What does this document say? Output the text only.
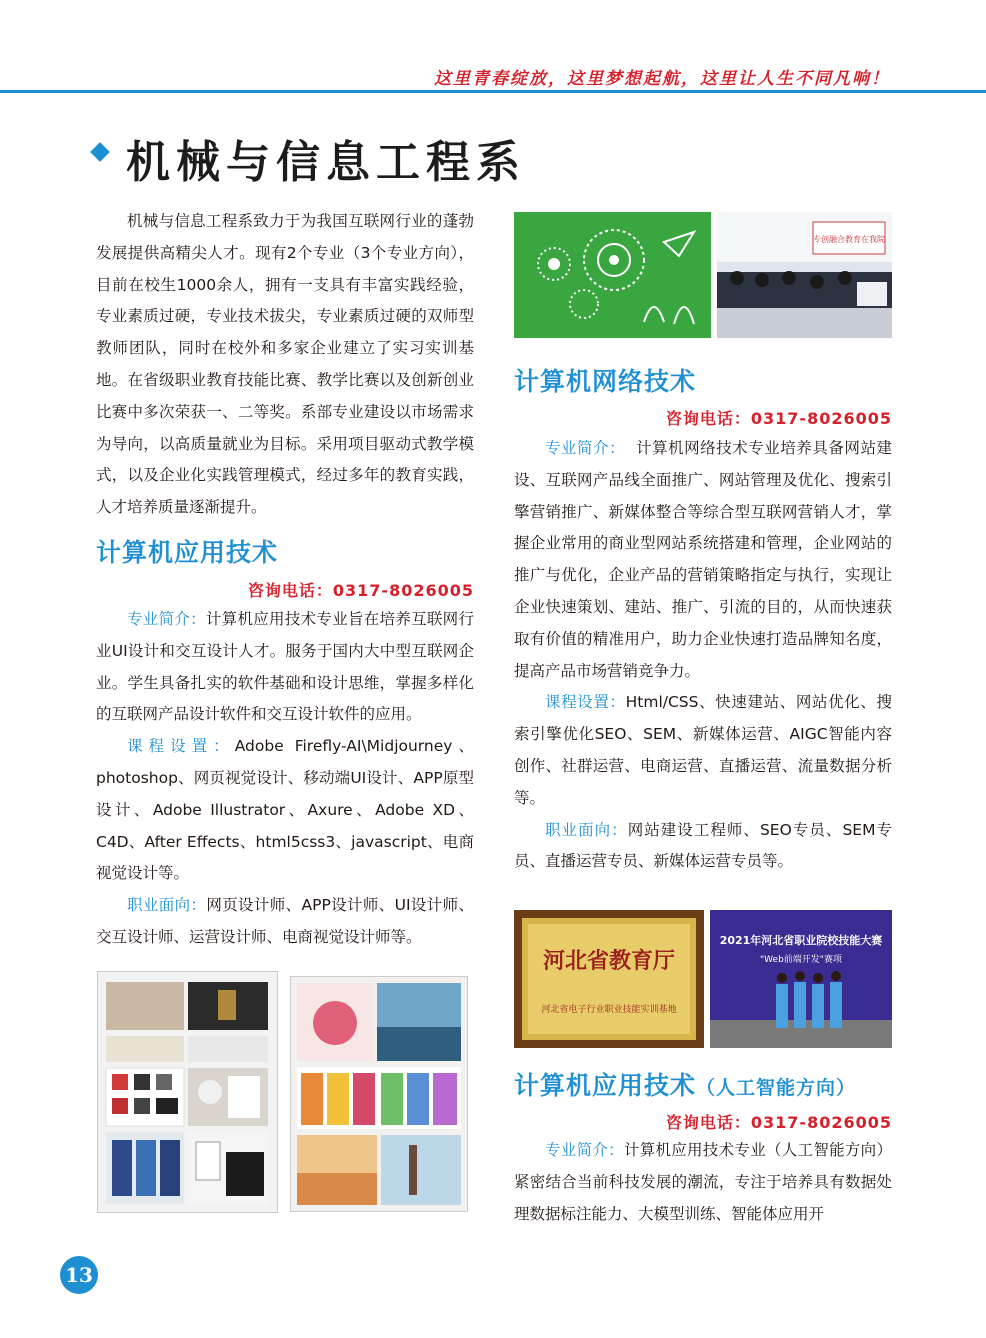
这里青春绽放，这里梦想起航，这里让人生不同凡响！
机械与信息工程系

机械与信息工程系致力于为我国互联网行业的蓬勃发展提供高精尖人才。现有2个专业（3个专业方向），目前在校生1000余人，拥有一支具有丰富实践经验，专业素质过硬，专业技术拔尖，专业素质过硬的双师型教师团队，同时在校外和多家企业建立了实习实训基地。在省级职业教育技能比赛、教学比赛以及创新创业比赛中多次荣获一、二等奖。系部专业建设以市场需求为导向，以高质量就业为目标。采用项目驱动式教学模式，以及企业化实践管理模式，经过多年的教育实践，人才培养质量逐渐提升。

计算机应用技术
咨询电话：0317-8026005

专业简介：计算机应用技术专业旨在培养互联网行业UI设计和交互设计人才。服务于国内大中型互联网企业。学生具备扎实的软件基础和设计思维，掌握多样化的互联网产品设计软件和交互设计软件的应用。

课程设置：Adobe Firefly-AI\Midjourney、photoshop、网页视觉设计、移动端UI设计、APP原型设计、Adobe Illustrator、Axure、Adobe XD、C4D、After Effects、html5css3、javascript、电商视觉设计等。

职业面向：网页设计师、APP设计师、UI设计师、交互设计师、运营设计师、电商视觉设计师等。

专创融合教育在我院
计算机网络技术
咨询电话：0317-8026005

专业简介： 计算机网络技术专业培养具备网站建设、互联网产品线全面推广、网站管理及优化、搜索引擎营销推广、新媒体整合等综合型互联网营销人才，掌握企业常用的商业型网站系统搭建和管理，企业网站的推广与优化，企业产品的营销策略指定与执行，实现让企业快速策划、建站、推广、引流的目的，从而快速获取有价值的精准用户，助力企业快速打造品牌知名度，提高产品市场营销竞争力。

课程设置：Html/CSS、快速建站、网站优化、搜索引擎优化SEO、SEM、新媒体运营、AIGC智能内容创作、社群运营、电商运营、直播运营、流量数据分析等。

职业面向：网站建设工程师、SEO专员、SEM专员、直播运营专员、新媒体运营专员等。

河北省教育厅
河北省电子行业职业技能实训基地
2021年河北省职业院校技能大赛
"Web前端开发"赛项
计算机应用技术（人工智能方向）
咨询电话：0317-8026005

专业简介：计算机应用技术专业（人工智能方向）紧密结合当前科技发展的潮流，专注于培养具有数据处理数据标注能力、大模型训练、智能体应用开

13
